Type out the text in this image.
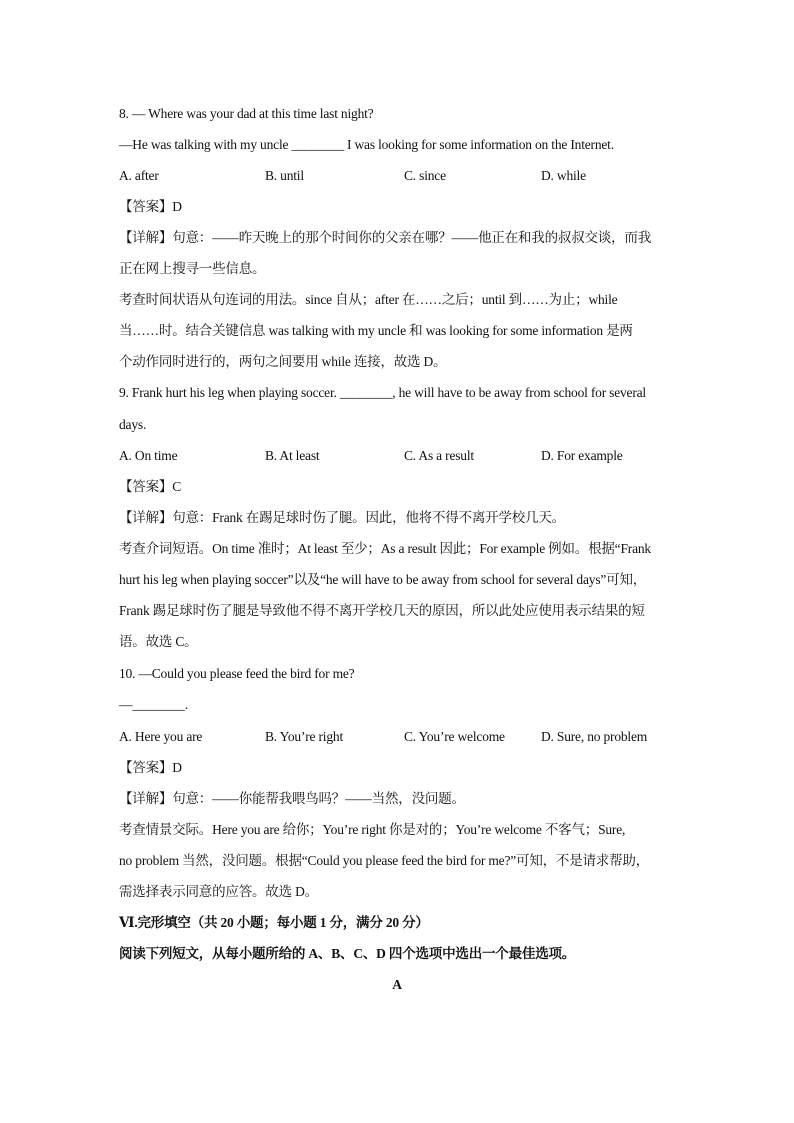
8. — Where was your dad at this time last night?
—He was talking with my uncle ________ I was looking for some information on the Internet.
A. after	B. until	C. since	D. while
【答案】D
【详解】句意：——昨天晚上的那个时间你的父亲在哪？——他正在和我的叔叔交谈，而我
正在网上搜寻一些信息。
考查时间状语从句连词的用法。since 自从；after 在……之后；until 到……为止；while
当……时。结合关键信息 was talking with my uncle 和 was looking for some information 是两
个动作同时进行的，两句之间要用 while 连接，故选 D。
9. Frank hurt his leg when playing soccer. ________, he will have to be away from school for several
days.
A. On time	B. At least	C. As a result	D. For example
【答案】C
【详解】句意：Frank 在踢足球时伤了腿。因此，他将不得不离开学校几天。
考查介词短语。On time 准时；At least 至少；As a result 因此；For example 例如。根据“Frank
hurt his leg when playing soccer”以及“he will have to be away from school for several days”可知，
Frank 踢足球时伤了腿是导致他不得不离开学校几天的原因，所以此处应使用表示结果的短
语。故选 C。
10. —Could you please feed the bird for me?
—________.
A. Here you are	B. You’re right	C. You’re welcome	D. Sure, no problem
【答案】D
【详解】句意：——你能帮我喂鸟吗？——当然，没问题。
考查情景交际。Here you are 给你；You’re right 你是对的；You’re welcome 不客气；Sure,
no problem 当然，没问题。根据“Could you please feed the bird for me?”可知，不是请求帮助，
需选择表示同意的应答。故选 D。
Ⅵ.完形填空（共 20 小题；每小题 1 分，满分 20 分）
阅读下列短文，从每小题所给的 A、B、C、D 四个选项中选出一个最佳选项。
A
